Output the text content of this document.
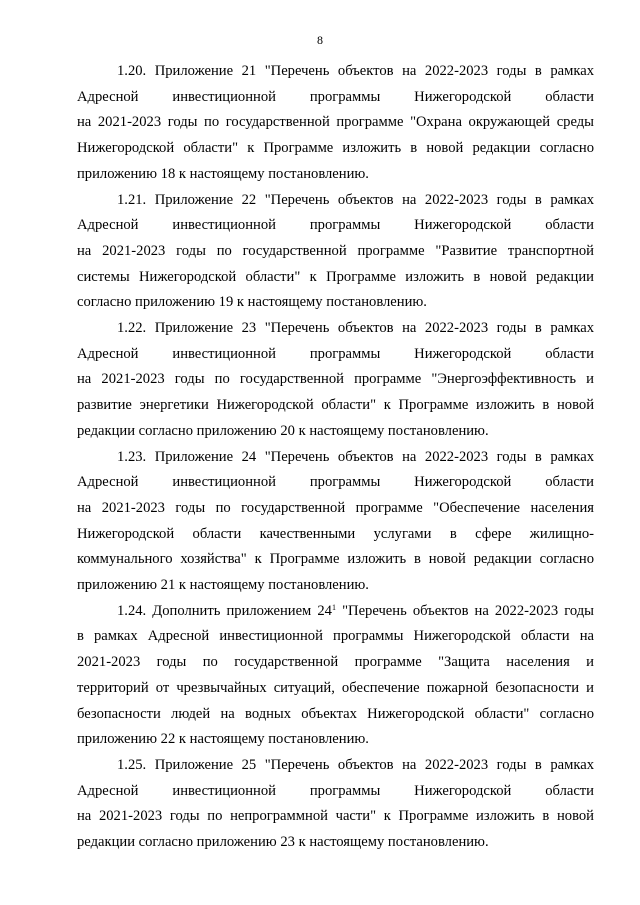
8
1.20. Приложение 21 "Перечень объектов на 2022-2023 годы в рамках
Адресной инвестиционной программы Нижегородской области
на 2021-2023 годы по государственной программе "Охрана окружающей среды
Нижегородской области" к Программе изложить в новой редакции согласно
приложению 18 к настоящему постановлению.
1.21. Приложение 22 "Перечень объектов на 2022-2023 годы в рамках
Адресной инвестиционной программы Нижегородской области
на 2021-2023 годы по государственной программе "Развитие транспортной
системы Нижегородской области" к Программе изложить в новой редакции
согласно приложению 19 к настоящему постановлению.
1.22. Приложение 23 "Перечень объектов на 2022-2023 годы в рамках
Адресной инвестиционной программы Нижегородской области
на 2021-2023 годы по государственной программе "Энергоэффективность и
развитие энергетики Нижегородской области" к Программе изложить в новой
редакции согласно приложению 20 к настоящему постановлению.
1.23. Приложение 24 "Перечень объектов на 2022-2023 годы в рамках
Адресной инвестиционной программы Нижегородской области
на 2021-2023 годы по государственной программе "Обеспечение населения
Нижегородской области качественными услугами в сфере жилищно-
коммунального хозяйства" к Программе изложить в новой редакции согласно
приложению 21 к настоящему постановлению.
1.24. Дополнить приложением $24^1$ "Перечень объектов на 2022-2023 годы
в рамках Адресной инвестиционной программы Нижегородской области на
2021-2023 годы по государственной программе "Защита населения и
территорий от чрезвычайных ситуаций, обеспечение пожарной безопасности и
безопасности людей на водных объектах Нижегородской области" согласно
приложению 22 к настоящему постановлению.
1.25. Приложение 25 "Перечень объектов на 2022-2023 годы в рамках
Адресной инвестиционной программы Нижегородской области
на 2021-2023 годы по непрограммной части" к Программе изложить в новой
редакции согласно приложению 23 к настоящему постановлению.
